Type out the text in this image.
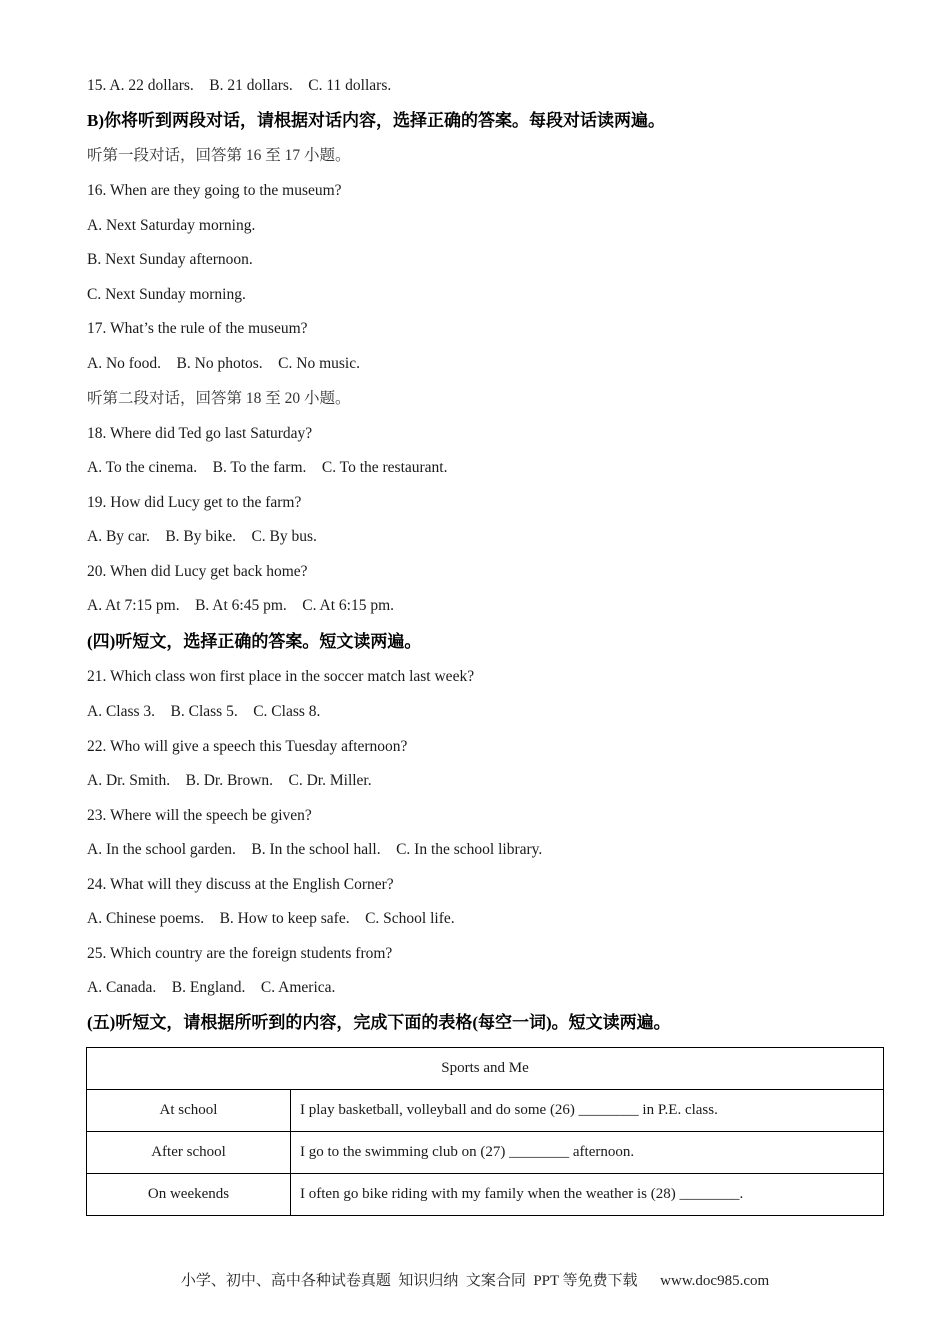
15. A. 22 dollars.    B. 21 dollars.    C. 11 dollars.
B)你将听到两段对话，请根据对话内容，选择正确的答案。每段对话读两遍。
听第一段对话，回答第 16 至 17 小题。
16. When are they going to the museum?
A. Next Saturday morning.
B. Next Sunday afternoon.
C. Next Sunday morning.
17. What’s the rule of the museum?
A. No food.    B. No photos.    C. No music.
听第二段对话，回答第 18 至 20 小题。
18. Where did Ted go last Saturday?
A. To the cinema.    B. To the farm.    C. To the restaurant.
19. How did Lucy get to the farm?
A. By car.    B. By bike.    C. By bus.
20. When did Lucy get back home?
A. At 7:15 pm.    B. At 6:45 pm.    C. At 6:15 pm.
(四)听短文，选择正确的答案。短文读两遍。
21. Which class won first place in the soccer match last week?
A. Class 3.    B. Class 5.    C. Class 8.
22. Who will give a speech this Tuesday afternoon?
A. Dr. Smith.    B. Dr. Brown.    C. Dr. Miller.
23. Where will the speech be given?
A. In the school garden.    B. In the school hall.    C. In the school library.
24. What will they discuss at the English Corner?
A. Chinese poems.    B. How to keep safe.    C. School life.
25. Which country are the foreign students from?
A. Canada.    B. England.    C. America.
(五)听短文，请根据所听到的内容，完成下面的表格(每空一词)。短文读两遍。
Sports and Me	
At school	I play basketball, volleyball and do some (26) ________ in P.E. class.
After school	I go to the swimming club on (27) ________ afternoon.
On weekends	I often go bike riding with my family when the weather is (28) ________.
小学、初中、高中各种试卷真题  知识归纳  文案合同  PPT 等免费下载      www.doc985.com
